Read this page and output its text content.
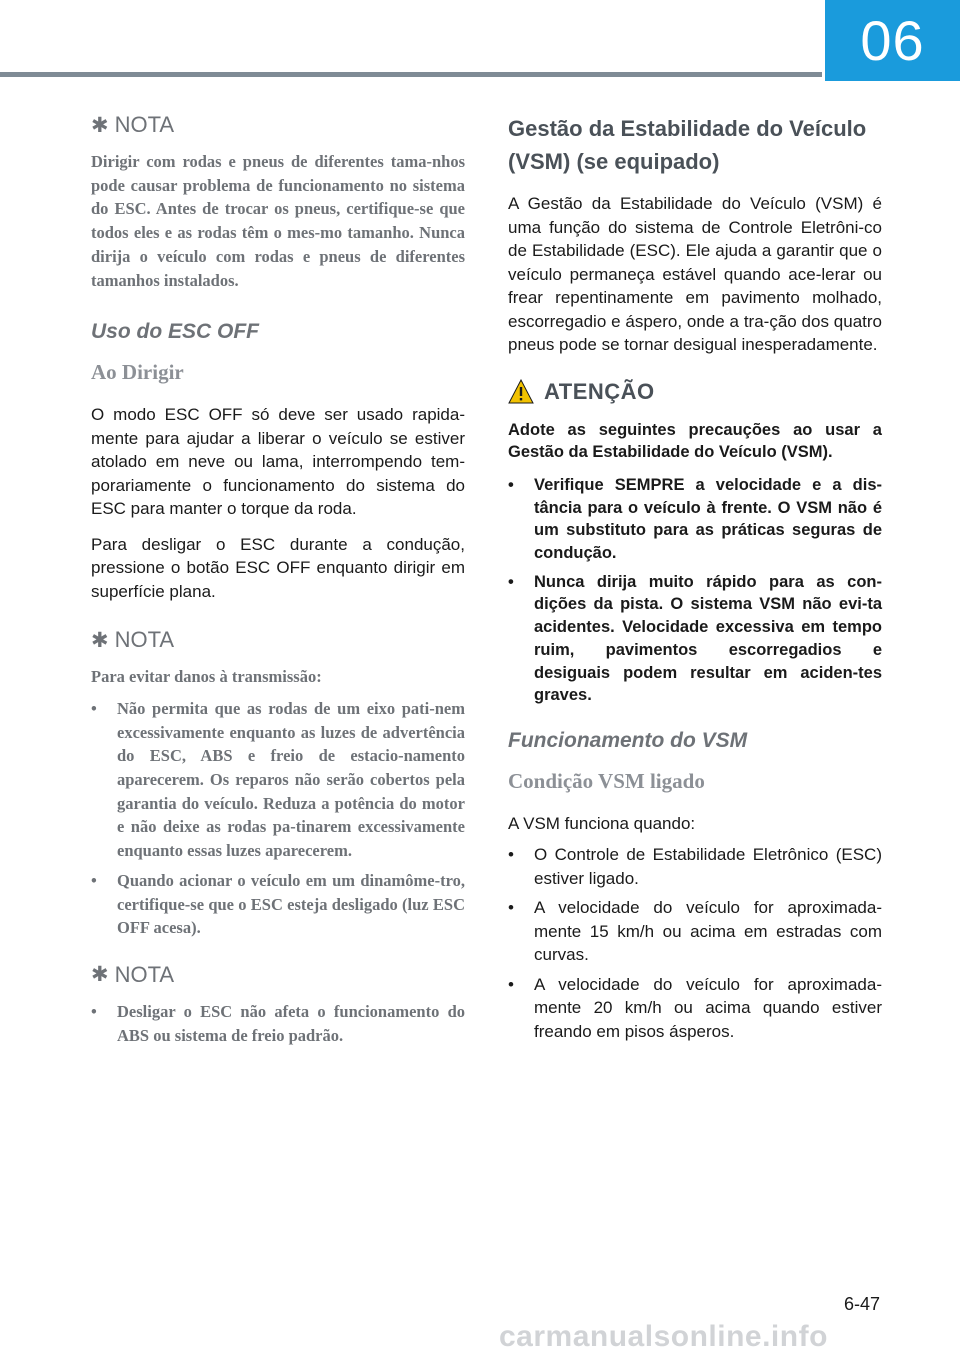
06
✱ NOTA

Dirigir com rodas e pneus de diferentes tama-nhos pode causar problema de funcionamento no sistema do ESC. Antes de trocar os pneus, certifique-se que todos eles e as rodas têm o mes-mo tamanho. Nunca dirija o veículo com rodas e pneus de diferentes tamanhos instalados.

Uso do ESC OFF
Ao Dirigir

O modo ESC OFF só deve ser usado rapida-mente para ajudar a liberar o veículo se estiver atolado em neve ou lama, interrompendo tem-porariamente o funcionamento do sistema do ESC para manter o torque da roda.

Para desligar o ESC durante a condução, pressione o botão ESC OFF enquanto dirigir em superfície plana.

✱ NOTA
Para evitar danos à transmissão:
• Não permita que as rodas de um eixo pati-nem excessivamente enquanto as luzes de advertência do ESC, ABS e freio de estacio-namento aparecerem. Os reparos não serão cobertos pela garantia do veículo. Reduza a potência do motor e não deixe as rodas pa-tinarem excessivamente enquanto essas luzes aparecerem.
• Quando acionar o veículo em um dinamôme-tro, certifique-se que o ESC esteja desligado (luz ESC OFF acesa).
✱ NOTA
• Desligar o ESC não afeta o funcionamento do ABS ou sistema de freio padrão.
Gestão da Estabilidade do Veículo (VSM) (se equipado)

A Gestão da Estabilidade do Veículo (VSM) é uma função do sistema de Controle Eletrôni-co de Estabilidade (ESC). Ele ajuda a garantir que o veículo permaneça estável quando ace-lerar ou frear repentinamente em pavimento molhado, escorregadio e áspero, onde a tra-ção dos quatro pneus pode se tornar desigual inesperadamente.

ATENÇÃO

Adote as seguintes precauções ao usar a Gestão da Estabilidade do Veículo (VSM).

• Verifique SEMPRE a velocidade e a dis-tância para o veículo à frente. O VSM não é um substituto para as práticas seguras de condução.
• Nunca dirija muito rápido para as con-dições da pista. O sistema VSM não evi-ta acidentes. Velocidade excessiva em tempo ruim, pavimentos escorregadios e desiguais podem resultar em aciden-tes graves.
Funcionamento do VSM
Condição VSM ligado

A VSM funciona quando:

• O Controle de Estabilidade Eletrônico (ESC) estiver ligado.
• A velocidade do veículo for aproximada-mente 15 km/h ou acima em estradas com curvas.
• A velocidade do veículo for aproximada-mente 20 km/h ou acima quando estiver freando em pisos ásperos.
6-47
carmanualsonline.info
